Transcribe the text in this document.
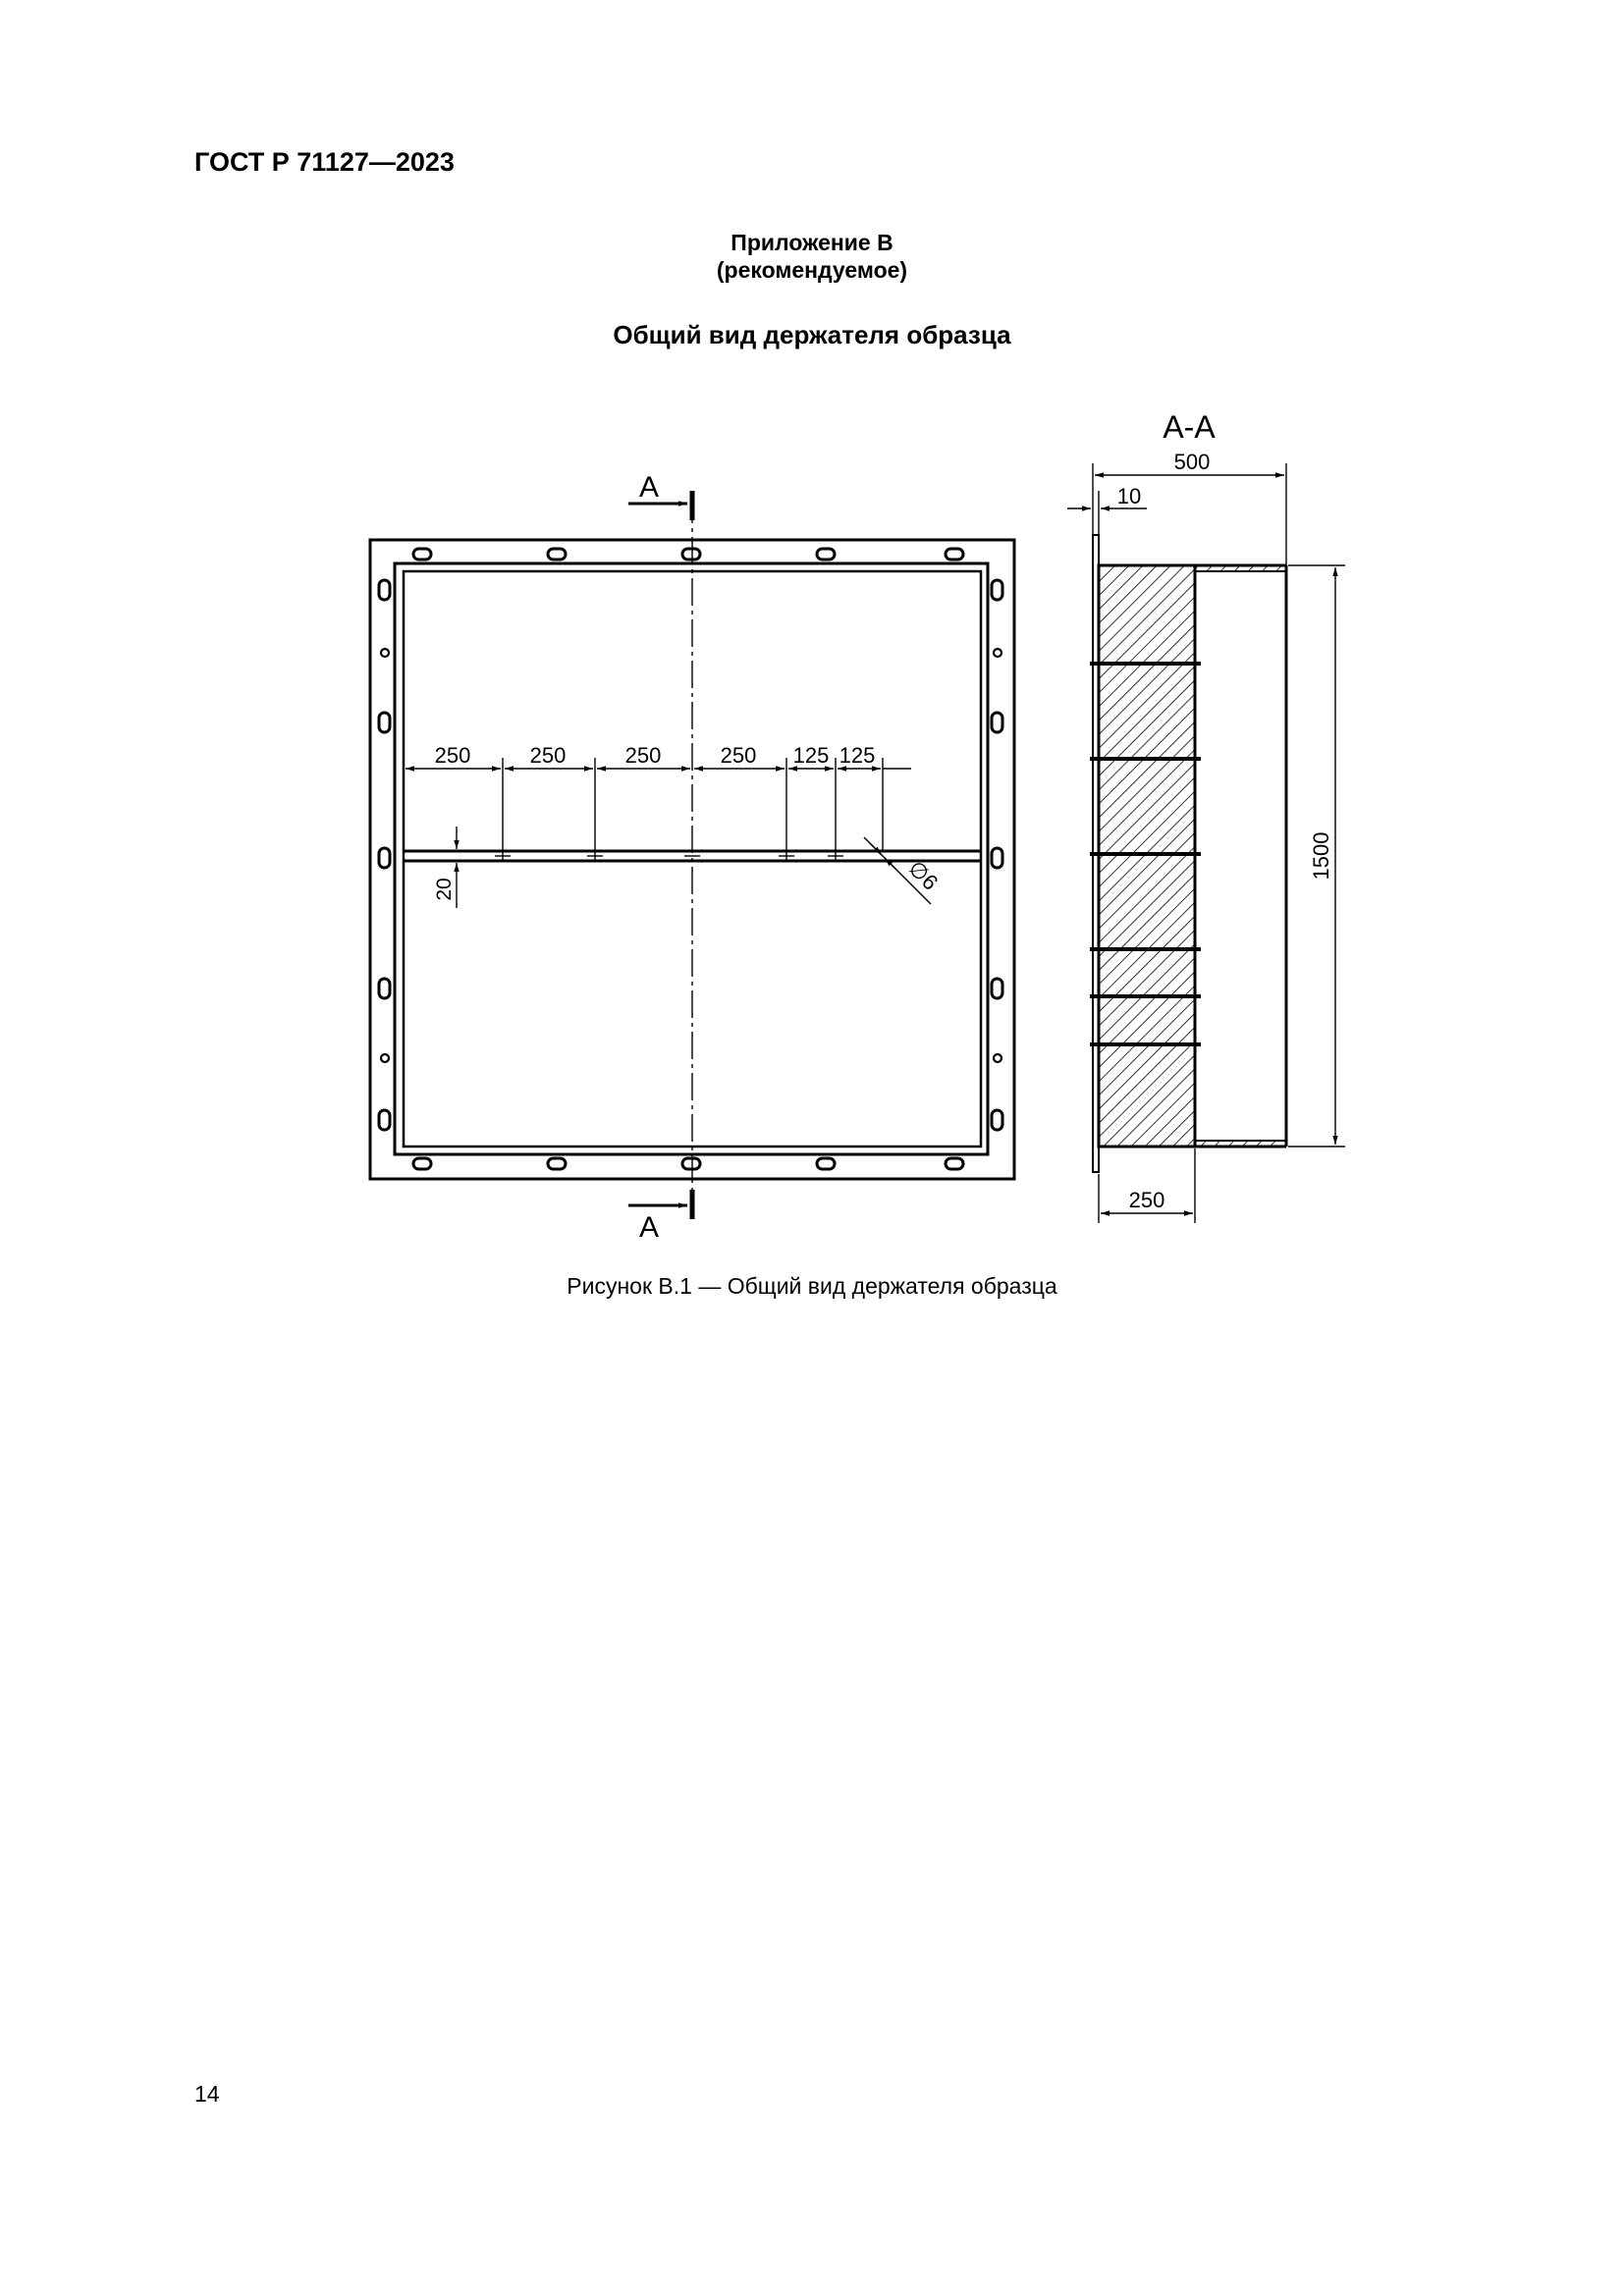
ГОСТ Р 71127—2023
Приложение В
(рекомендуемое)
Общий вид держателя образца
250	250	250	250 125 125
20	∅6
А
А
А-А
500
10
1500
250
Рисунок В.1 — Общий вид держателя образца
14
